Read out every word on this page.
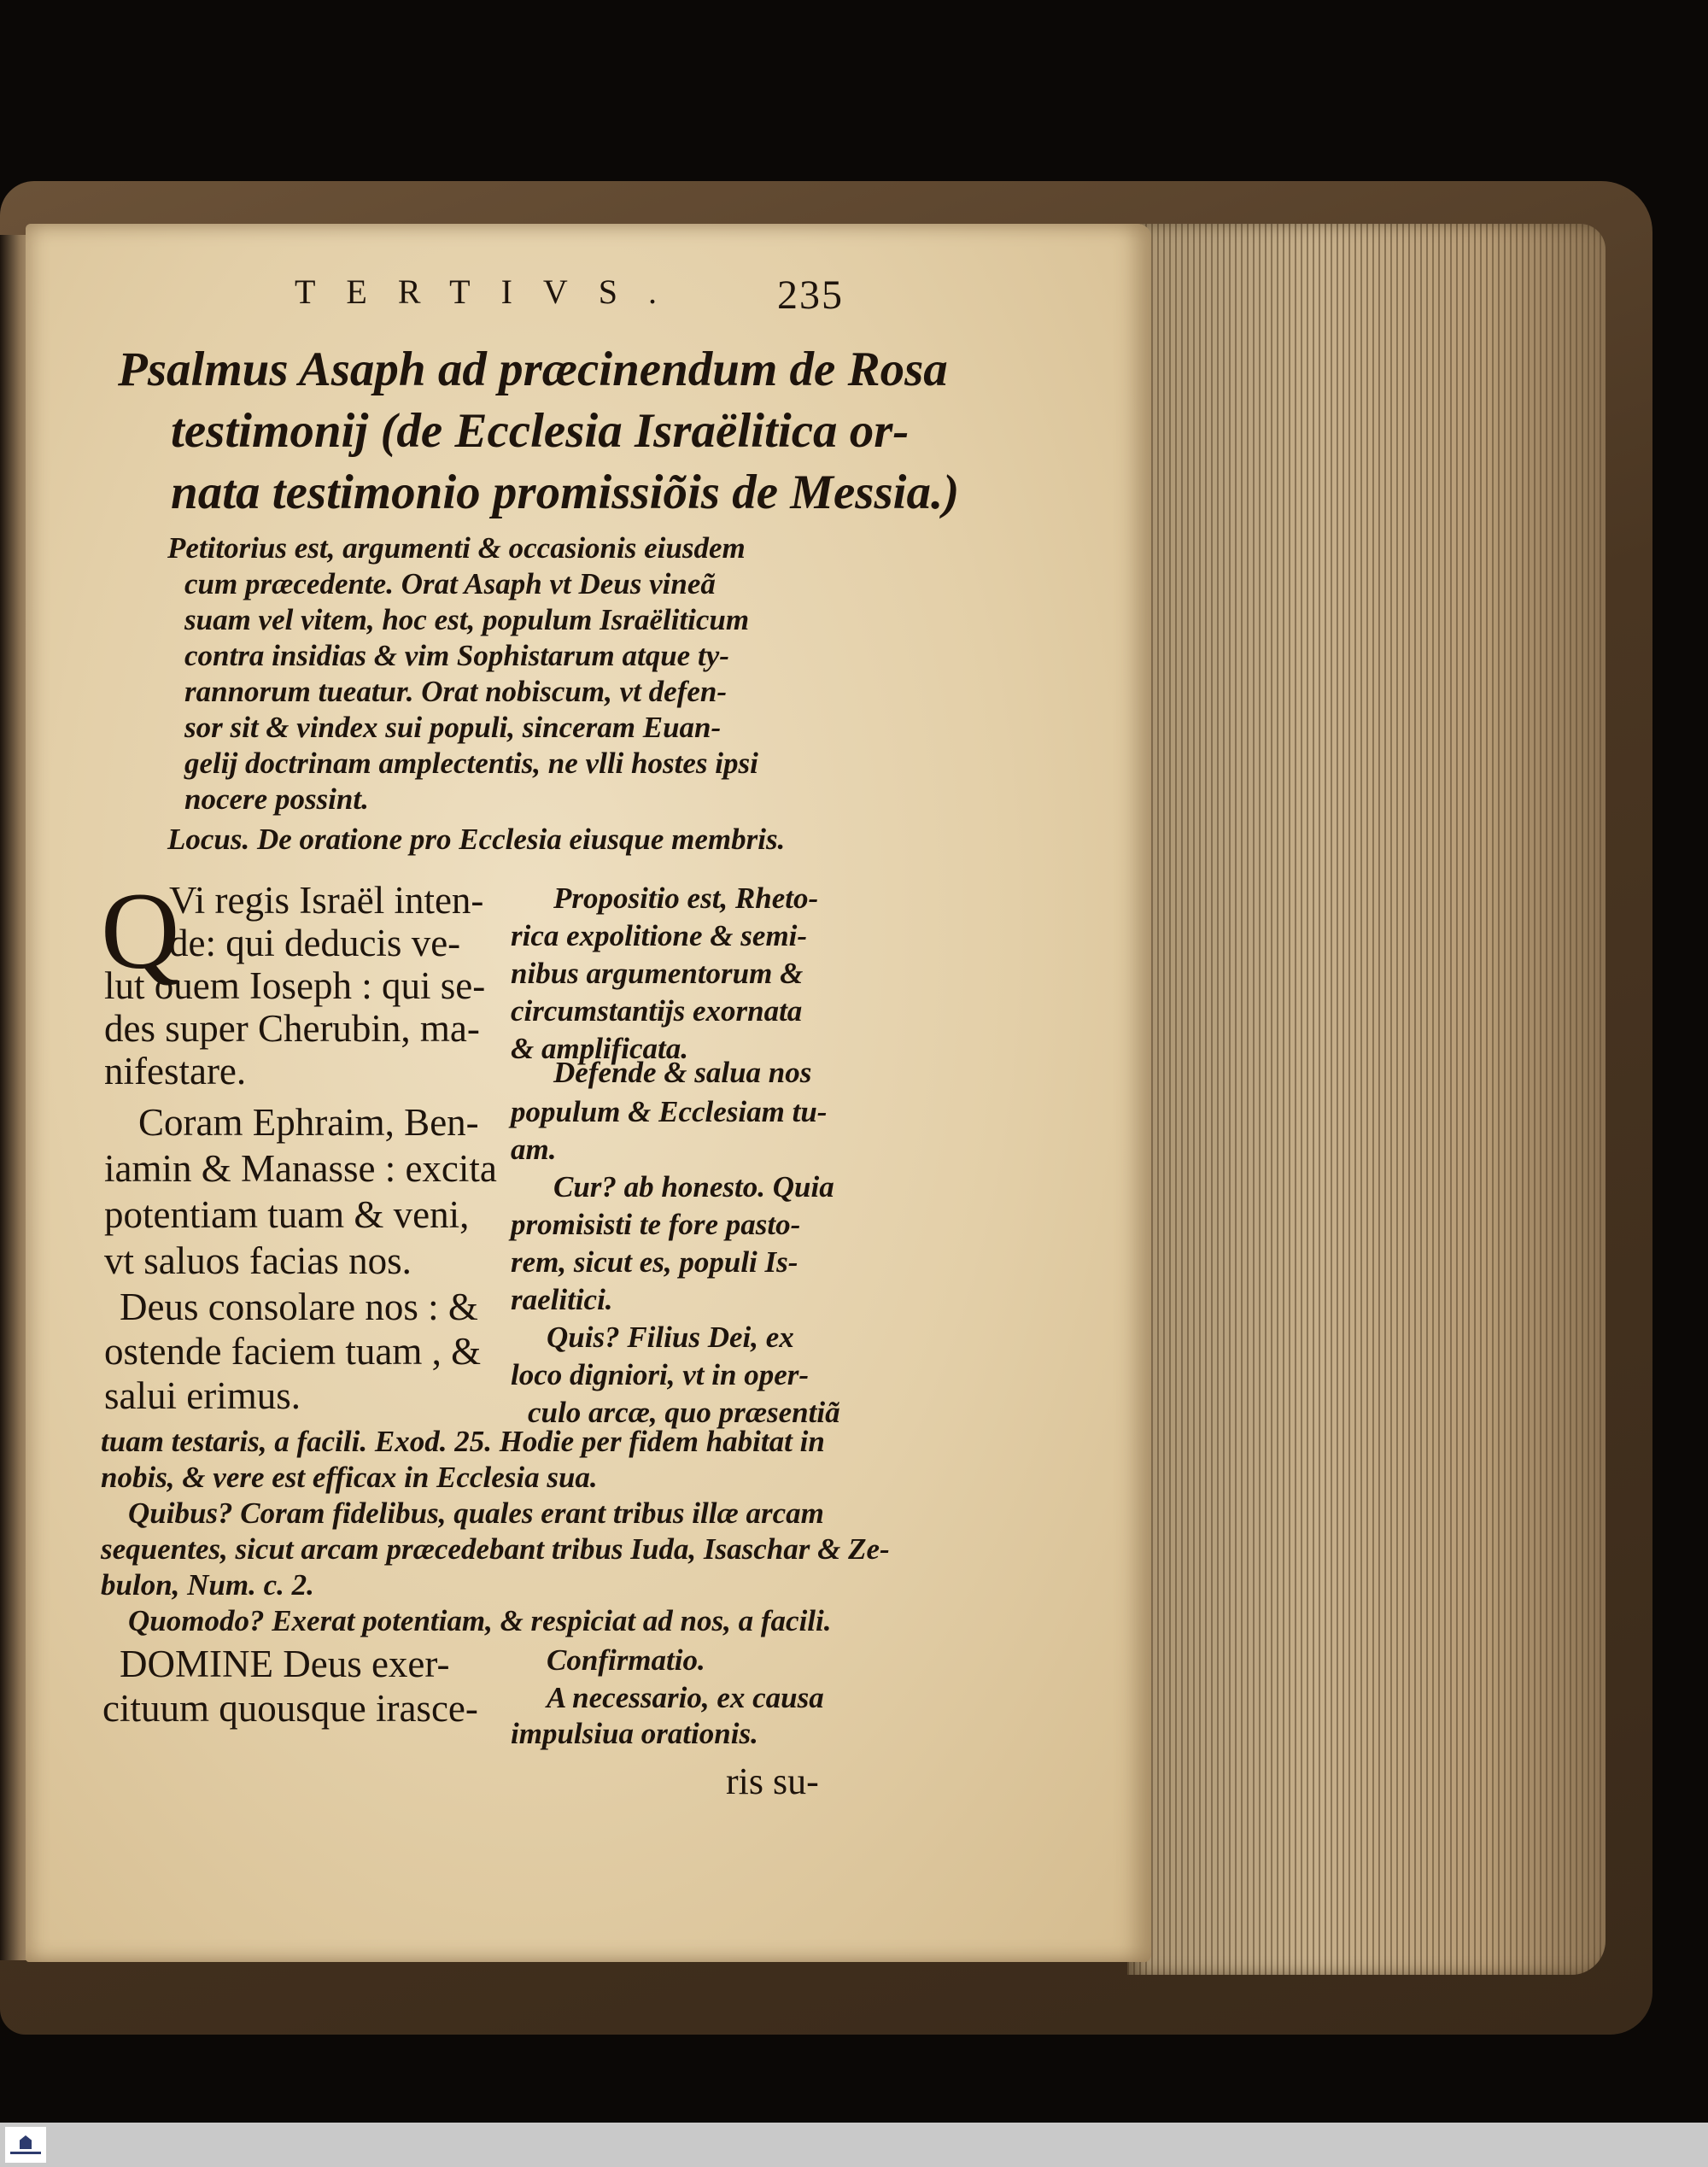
TERTIVS. 235
Psalmus Asaph ad præcinendum de Rosa
testimonij (de Ecclesia Israëlitica or-
nata testimonio promissiõis de Messia.)
Petitorius est, argumenti & occasionis eiusdem
cum præcedente. Orat Asaph vt Deus vineã
suam vel vitem, hoc est, populum Israëliticum
contra insidias & vim Sophistarum atque ty-
rannorum tueatur. Orat nobiscum, vt defen-
sor sit & vindex sui populi, sinceram Euan-
gelij doctrinam amplectentis, ne vlli hostes ipsi
nocere possint.
Locus. De oratione pro Ecclesia eiusque membris.
Q
Vi regis Israël inten-
de: qui deducis ve-
lut ouem Ioseph : qui se-
des super Cherubin, ma-
nifestare.
Coram Ephraim, Ben-
iamin & Manasse : excita
potentiam tuam & veni,
vt saluos facias nos.
Deus consolare nos : &
ostende faciem tuam , &
salui erimus.
Propositio est, Rheto-
rica expolitione & semi-
nibus argumentorum &
circumstantijs exornata
& amplificata.
Defende & salua nos
populum & Ecclesiam tu-
am.
Cur? ab honesto. Quia
promisisti te fore pasto-
rem, sicut es, populi Is-
raelitici.
Quis? Filius Dei, ex
loco digniori, vt in oper-
culo arcæ, quo præsentiã
tuam testaris, a facili. Exod. 25. Hodie per fidem habitat in
nobis, & vere est efficax in Ecclesia sua.
Quibus? Coram fidelibus, quales erant tribus illæ arcam
sequentes, sicut arcam præcedebant tribus Iuda, Isaschar & Ze-
bulon, Num. c. 2.
Quomodo? Exerat potentiam, & respiciat ad nos, a facili.
DOMINE Deus exer-
cituum quousque irasce-
Confirmatio.
A necessario, ex causa
impulsiua orationis.
ris su-
